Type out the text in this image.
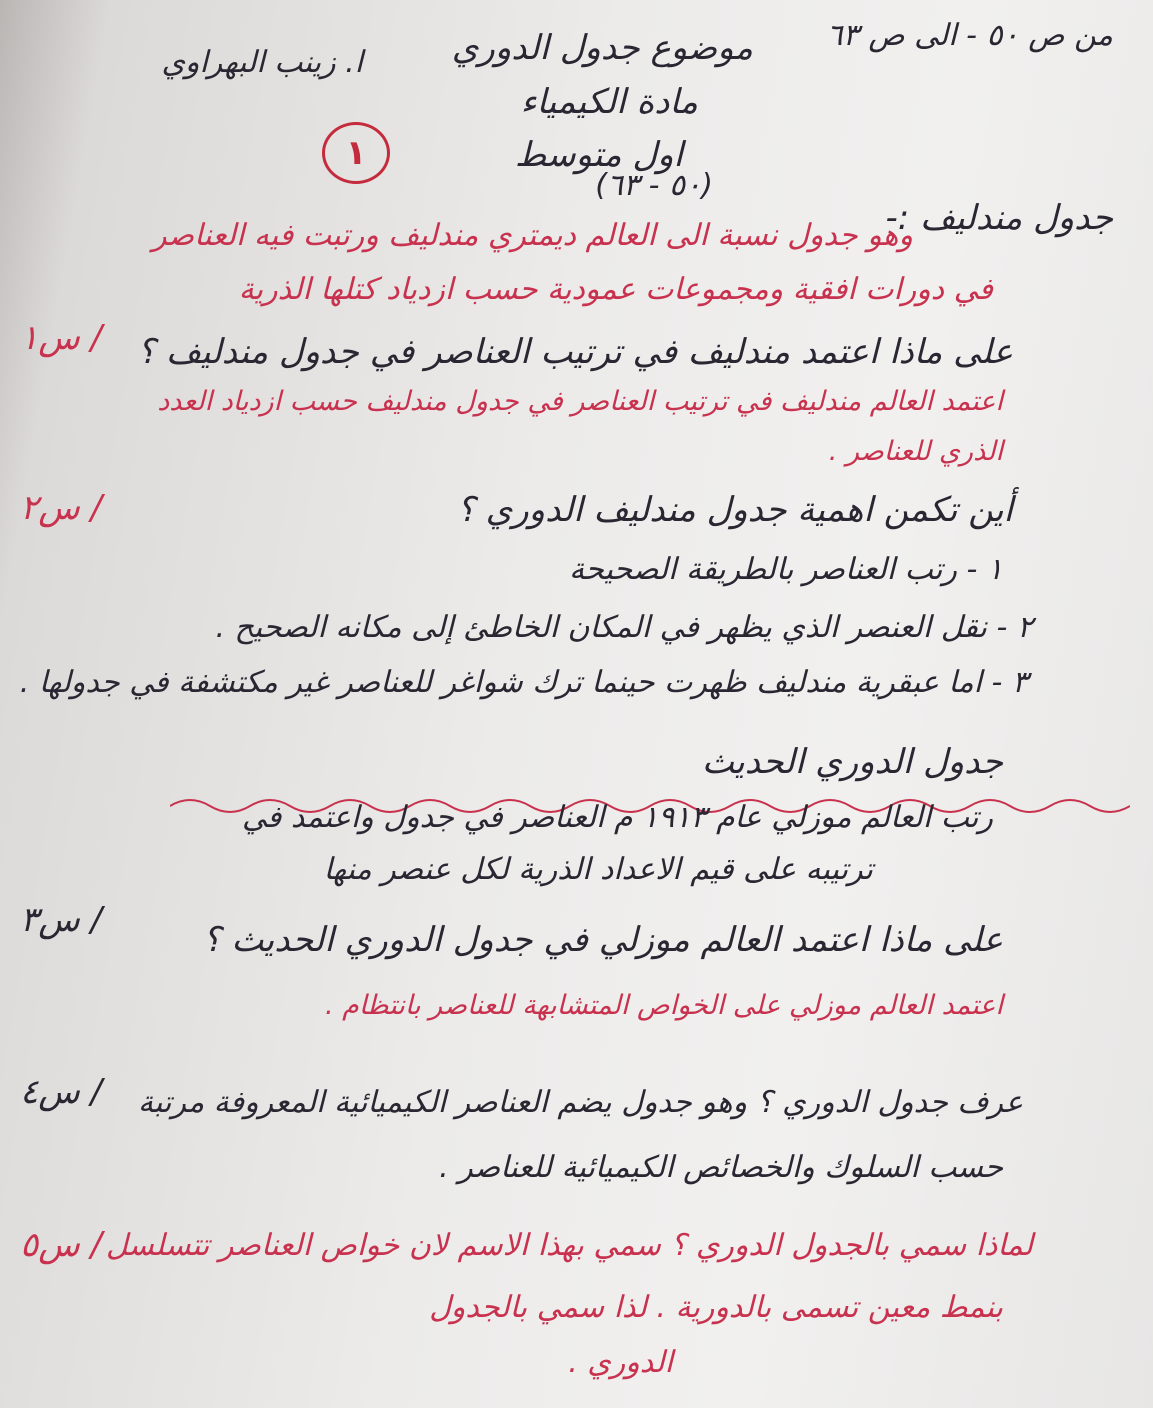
من ص ٥٠ - الى ص ٦٣
موضوع جدول الدوري
ا. زينب البهراوي
مادة الكيمياء
١	اول متوسط
(٥٠ - ٦٣)
جدول مندليف :-
وهو جدول نسبة الى العالم ديمتري مندليف ورتبت فيه العناصر
في دورات افقية ومجموعات عمودية حسب ازدياد كتلها الذرية
س١ / على ماذا اعتمد مندليف في ترتيب العناصر في جدول مندليف ؟
اعتمد العالم مندليف في ترتيب العناصر في جدول مندليف حسب ازدياد العدد
الذري للعناصر .
س٢ /	أين تكمن اهمية جدول مندليف الدوري ؟
١ - رتب العناصر بالطريقة الصحيحة
٢ - نقل العنصر الذي يظهر في المكان الخاطئ إلى مكانه الصحيح .
٣ - اما عبقرية مندليف ظهرت حينما ترك شواغر للعناصر غير مكتشفة في جدولها .
جدول الدوري الحديث
رتب العالم موزلي عام ١٩١٣ م العناصر في جدول واعتمد في
ترتيبه على قيم الاعداد الذرية لكل عنصر منها
س٣ /	على ماذا اعتمد العالم موزلي في جدول الدوري الحديث ؟
اعتمد العالم موزلي على الخواص المتشابهة للعناصر بانتظام .
س٤ / عرف جدول الدوري ؟ وهو جدول يضم العناصر الكيميائية المعروفة مرتبة
حسب السلوك والخصائص الكيميائية للعناصر .
س٥ / لماذا سمي بالجدول الدوري ؟ سمي بهذا الاسم لان خواص العناصر تتسلسل
بنمط معين تسمى بالدورية . لذا سمي بالجدول
الدوري .
